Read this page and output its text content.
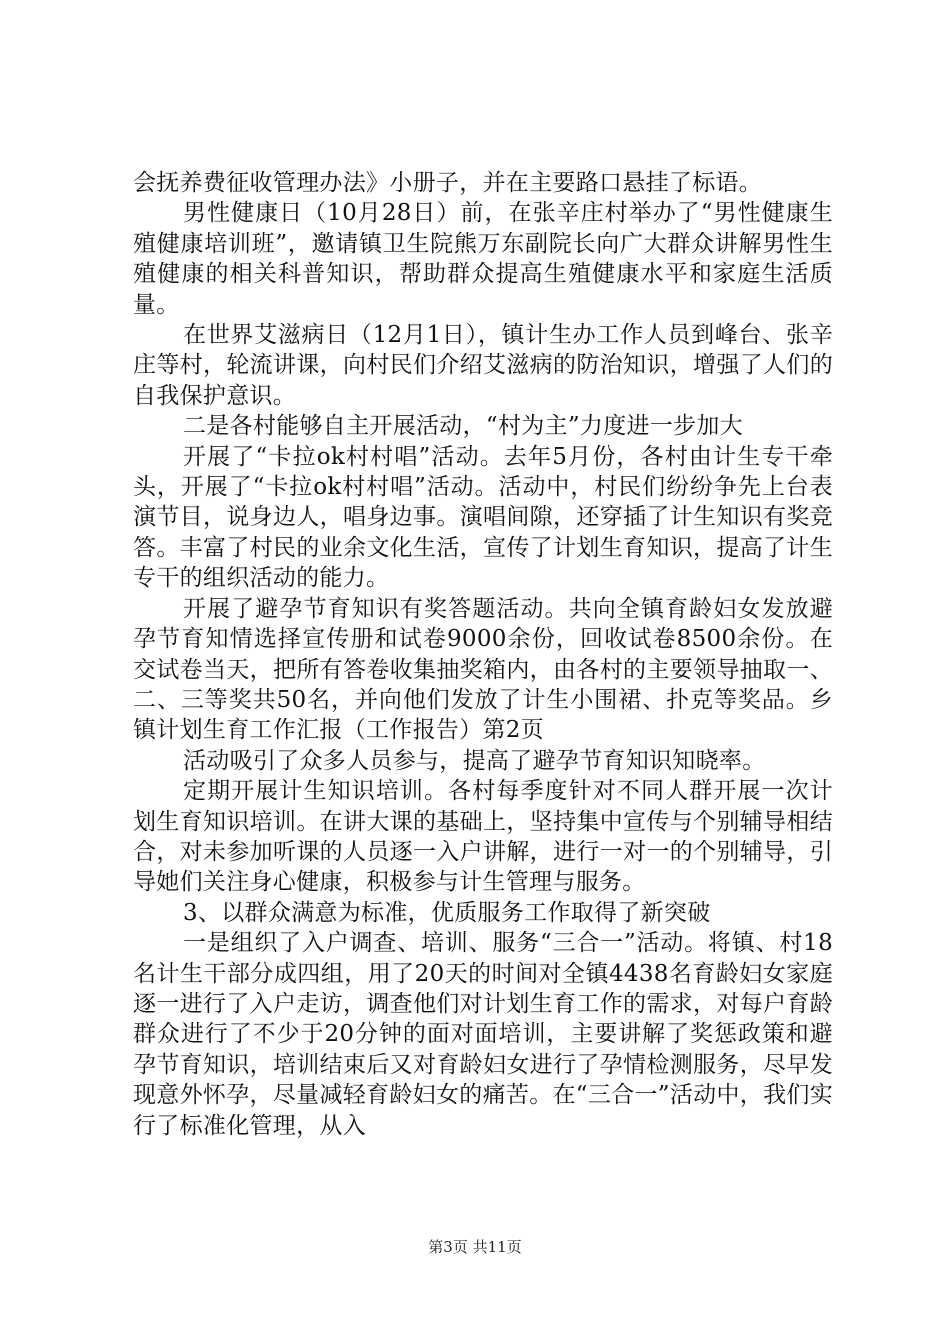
会抚养费征收管理办法》小册子，并在主要路口悬挂了标语。

男性健康日（10月28日）前，在张辛庄村举办了“男性健康生殖健康培训班”，邀请镇卫生院熊万东副院长向广大群众讲解男性生殖健康的相关科普知识，帮助群众提高生殖健康水平和家庭生活质量。

在世界艾滋病日（12月1日），镇计生办工作人员到峰台、张辛庄等村，轮流讲课，向村民们介绍艾滋病的防治知识，增强了人们的自我保护意识。

二是各村能够自主开展活动，“村为主”力度进一步加大

开展了“卡拉ok村村唱”活动。去年5月份，各村由计生专干牵头，开展了“卡拉ok村村唱”活动。活动中，村民们纷纷争先上台表演节目，说身边人，唱身边事。演唱间隙，还穿插了计生知识有奖竞答。丰富了村民的业余文化生活，宣传了计划生育知识，提高了计生专干的组织活动的能力。

开展了避孕节育知识有奖答题活动。共向全镇育龄妇女发放避孕节育知情选择宣传册和试卷9000余份，回收试卷8500余份。在交试卷当天，把所有答卷收集抽奖箱内，由各村的主要领导抽取一、二、三等奖共50名，并向他们发放了计生小围裙、扑克等奖品。乡镇计划生育工作汇报（工作报告）第2页

活动吸引了众多人员参与，提高了避孕节育知识知晓率。

定期开展计生知识培训。各村每季度针对不同人群开展一次计划生育知识培训。在讲大课的基础上，坚持集中宣传与个别辅导相结合，对未参加听课的人员逐一入户讲解，进行一对一的个别辅导，引导她们关注身心健康，积极参与计生管理与服务。

3、以群众满意为标准，优质服务工作取得了新突破

一是组织了入户调查、培训、服务“三合一”活动。将镇、村18名计生干部分成四组，用了20天的时间对全镇4438名育龄妇女家庭逐一进行了入户走访，调查他们对计划生育工作的需求，对每户育龄群众进行了不少于20分钟的面对面培训，主要讲解了奖惩政策和避孕节育知识，培训结束后又对育龄妇女进行了孕情检测服务，尽早发现意外怀孕，尽量减轻育龄妇女的痛苦。在“三合一”活动中，我们实行了标准化管理，从入

第3页 共11页
